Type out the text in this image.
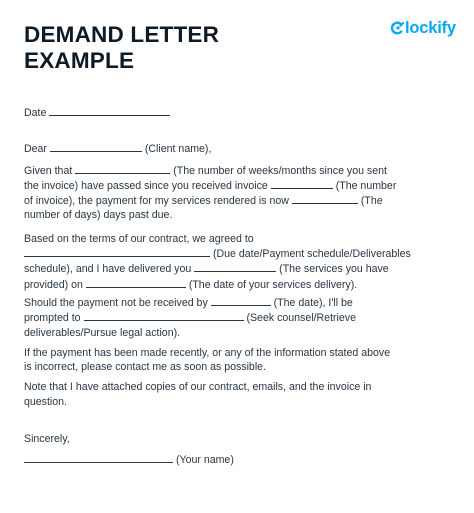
DEMAND LETTER
EXAMPLE
lockify

Date

Dear	(Client name),

Given that	(The number of weeks/months since you sent
the invoice) have passed since you received invoice	(The number
of invoice), the payment for my services rendered is now	(The
number of days) days past due.

Based on the terms of our contract, we agreed to
(Due date/Payment schedule/Deliverables
schedule), and I have delivered you	(The services you have
provided) on	(The date of your services delivery).

Should the payment not be received by	(The date), I'll be
prompted to	(Seek counsel/Retrieve
deliverables/Pursue legal action).

If the payment has been made recently, or any of the information stated above
is incorrect, please contact me as soon as possible.

Note that I have attached copies of our contract, emails, and the invoice in
question.

Sincerely,

(Your name)
